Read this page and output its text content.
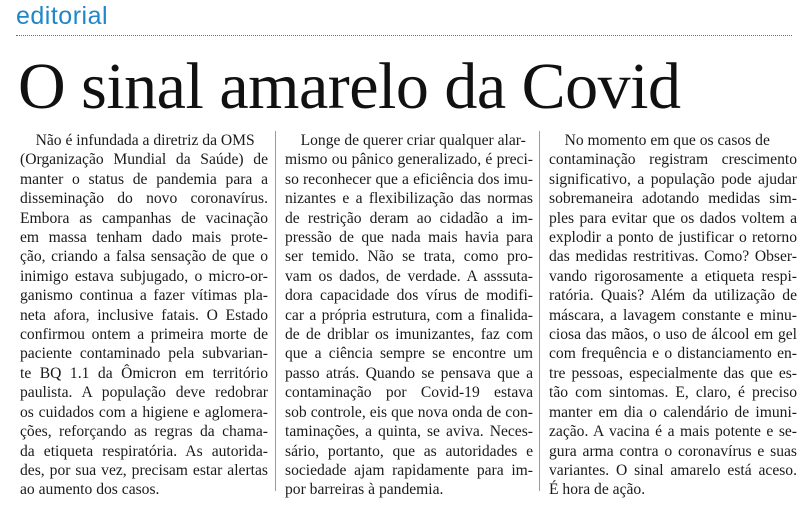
editorial
O sinal amarelo da Covid
Não é infundada a diretriz da OMS
(Organização Mundial da Saúde) de
manter o status de pandemia para a
disseminação do novo coronavírus.
Embora as campanhas de vacinação
em massa tenham dado mais prote-
ção, criando a falsa sensação de que o
inimigo estava subjugado, o micro-or-
ganismo continua a fazer vítimas pla-
neta afora, inclusive fatais. O Estado
confirmou ontem a primeira morte de
paciente contaminado pela subvarian-
te BQ 1.1 da Ômicron em território
paulista. A população deve redobrar
os cuidados com a higiene e aglomera-
ções, reforçando as regras da chama-
da etiqueta respiratória. As autorida-
des, por sua vez, precisam estar alertas
ao aumento dos casos.
Longe de querer criar qualquer alar-
mismo ou pânico generalizado, é preci-
so reconhecer que a eficiência dos imu-
nizantes e a flexibilização das normas
de restrição deram ao cidadão a im-
pressão de que nada mais havia para
ser temido. Não se trata, como pro-
vam os dados, de verdade. A asssuta-
dora capacidade dos vírus de modifi-
car a própria estrutura, com a finalida-
de de driblar os imunizantes, faz com
que a ciência sempre se encontre um
passo atrás. Quando se pensava que a
contaminação por Covid-19 estava
sob controle, eis que nova onda de con-
taminações, a quinta, se aviva. Neces-
sário, portanto, que as autoridades e
sociedade ajam rapidamente para im-
por barreiras à pandemia.
No momento em que os casos de
contaminação registram crescimento
significativo, a população pode ajudar
sobremaneira adotando medidas sim-
ples para evitar que os dados voltem a
explodir a ponto de justificar o retorno
das medidas restritivas. Como? Obser-
vando rigorosamente a etiqueta respi-
ratória. Quais? Além da utilização de
máscara, a lavagem constante e minu-
ciosa das mãos, o uso de álcool em gel
com frequência e o distanciamento en-
tre pessoas, especialmente das que es-
tão com sintomas. E, claro, é preciso
manter em dia o calendário de imuni-
zação. A vacina é a mais potente e se-
gura arma contra o coronavírus e suas
variantes. O sinal amarelo está aceso.
É hora de ação.
